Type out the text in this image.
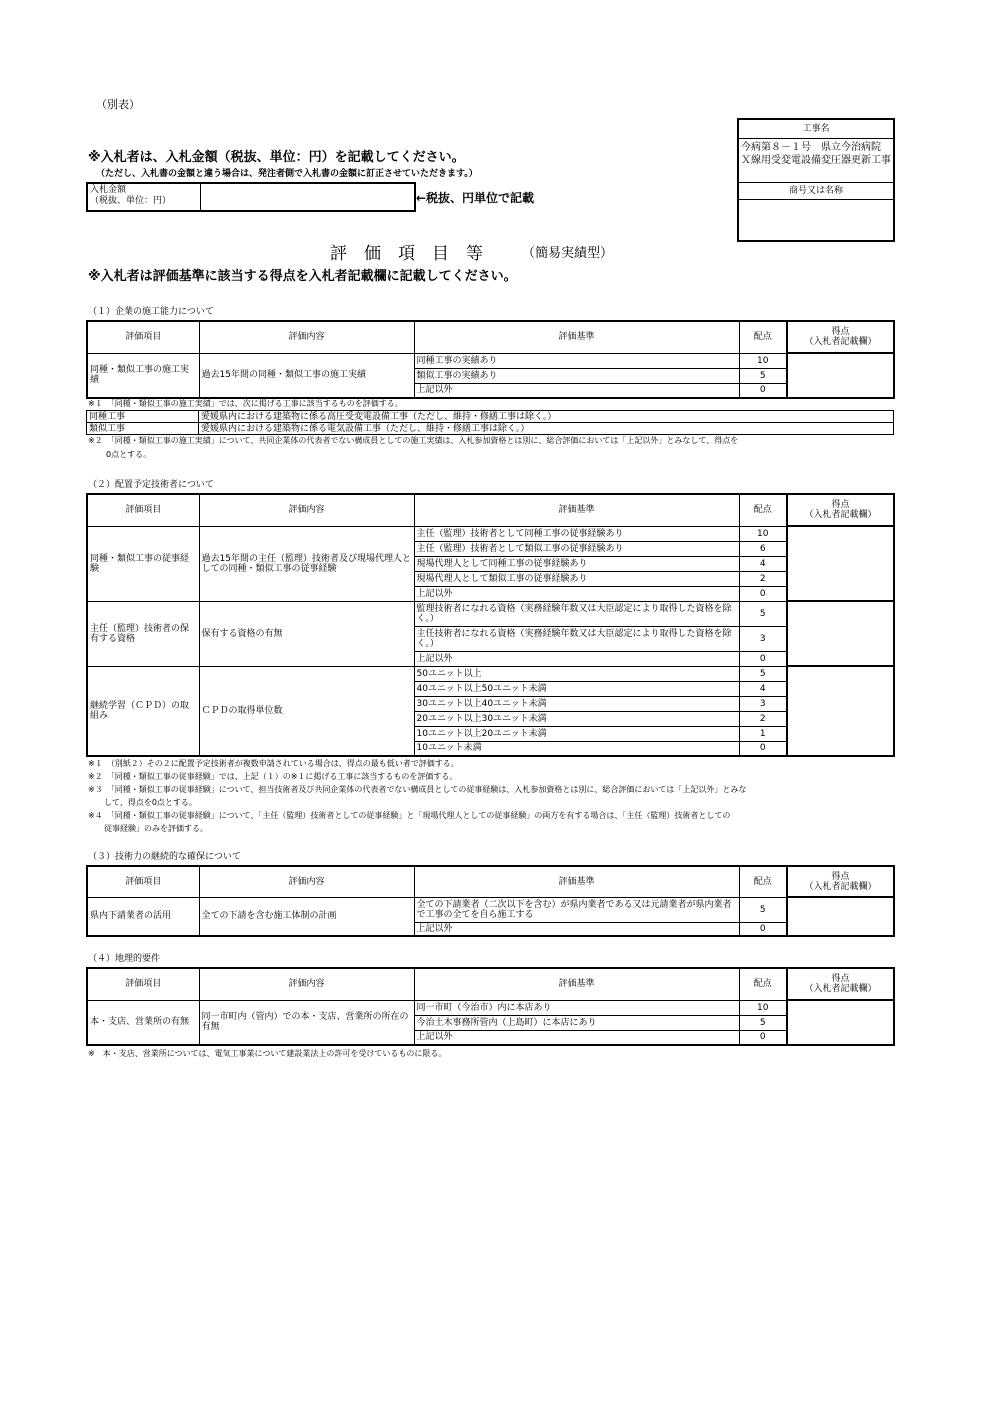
（別表）
※入札者は、入札金額（税抜、単位：円）を記載してください。
（ただし、入札書の金額と違う場合は、発注者側で入札書の金額に訂正させていただきます。）
入札金額
（税抜、単位：円）	←税抜、円単位で記載
工事名
今病第８－１号　県立今治病院　Ｘ線用受変電設備変圧器更新工事
商号又は名称
評　価　項　目　等	（簡易実績型）
※入札者は評価基準に該当する得点を入札者記載欄に記載してください。
（１）企業の施工能力について
評価項目	評価内容	評価基準	配点	得点
（入札者記載欄）

同種・類似工事の施工実績	過去15年間の同種・類似工事の施工実績	同種工事の実績あり	10	
		類似工事の実績あり	5	
		上記以外	0	
※１　「同種・類似工事の施工実績」では、次に掲げる工事に該当するものを評価する。
同種工事	愛媛県内における建築物に係る高圧受変電設備工事（ただし、維持・修繕工事は除く。）
類似工事	愛媛県内における建築物に係る電気設備工事（ただし、維持・修繕工事は除く。）
※２　「同種・類似工事の施工実績」について、共同企業体の代表者でない構成員としての施工実績は、入札参加資格とは別に、総合評価においては「上記以外」とみなして、得点を
0点とする。
（２）配置予定技術者について
評価項目	評価内容	評価基準	配点	得点
（入札者記載欄）

同種・類似工事の従事経験	過去15年間の主任（監理）技術者及び現場代理人としての同種・類似工事の従事経験	主任（監理）技術者として同種工事の従事経験あり	10	
		主任（監理）技術者として類似工事の従事経験あり	6	
		現場代理人として同種工事の従事経験あり	4	
		現場代理人として類似工事の従事経験あり	2	
		上記以外	0	
主任（監理）技術者の保有する資格	保有する資格の有無	監理技術者になれる資格（実務経験年数又は大臣認定により取得した資格を除く。）	5	
		主任技術者になれる資格（実務経験年数又は大臣認定により取得した資格を除く。）	3	
		上記以外	0	
継続学習（ＣＰＤ）の取組み	ＣＰＤの取得単位数	50ユニット以上	5	
		40ユニット以上50ユニット未満	4	
		30ユニット以上40ユニット未満	3	
		20ユニット以上30ユニット未満	2	
		10ユニット以上20ユニット未満	1	
		10ユニット未満	0	
※１　（別紙２）その２に配置予定技術者が複数申請されている場合は、得点の最も低い者で評価する。
※２　「同種・類似工事の従事経験」では、上記（１）の※１に掲げる工事に該当するものを評価する。
※３　「同種・類似工事の従事経験」について、担当技術者及び共同企業体の代表者でない構成員としての従事経験は、入札参加資格とは別に、総合評価においては「上記以外」とみな
　　して、得点を0点とする。
※４　「同種・類似工事の従事経験」について、「主任（監理）技術者としての従事経験」と「現場代理人としての従事経験」の両方を有する場合は、「主任（監理）技術者としての
　　従事経験」のみを評価する。
（３）技術力の継続的な確保について
評価項目	評価内容	評価基準	配点	得点
（入札者記載欄）

県内下請業者の活用	全ての下請を含む施工体制の計画	全ての下請業者（二次以下を含む）が県内業者である又は元請業者が県内業者で工事の全てを自ら施工する	5	
		上記以外	0	
（４）地理的要件
評価項目	評価内容	評価基準	配点	得点
（入札者記載欄）

本・支店、営業所の有無	同一市町内（管内）での本・支店、営業所の所在の有無	同一市町（今治市）内に本店あり	10	
		今治土木事務所管内（上島町）に本店にあり	5	
		上記以外	0	
※　本・支店、営業所については、電気工事業について建設業法上の許可を受けているものに限る。
